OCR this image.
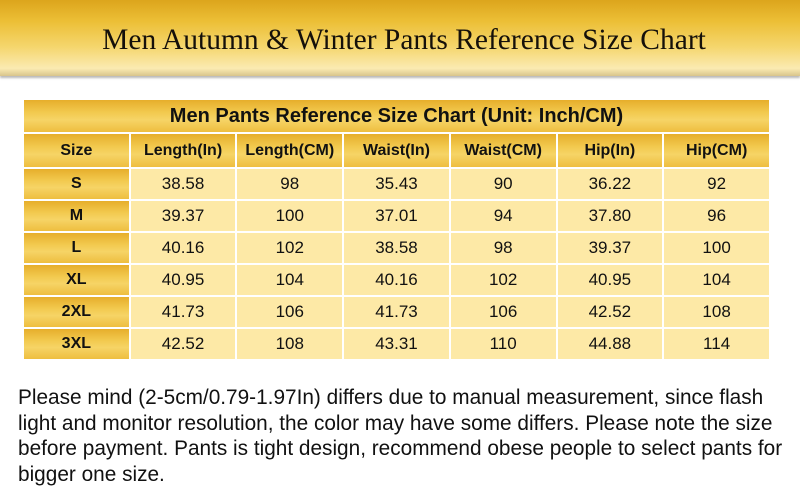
Men Autumn & Winter Pants Reference Size Chart
Men Pants Reference Size Chart (Unit: Inch/CM)						
Size	Length(In)	Length(CM)	Waist(In)	Waist(CM)	Hip(In)	Hip(CM)
S	38.58	98	35.43	90	36.22	92
M	39.37	100	37.01	94	37.80	96
L	40.16	102	38.58	98	39.37	100
XL	40.95	104	40.16	102	40.95	104
2XL	41.73	106	41.73	106	42.52	108
3XL	42.52	108	43.31	110	44.88	114

Please mind (2-5cm/0.79-1.97In) differs due to manual measurement, since flash light and monitor resolution, the color may have some differs. Please note the size before payment. Pants is tight design, recommend obese people to select pants for bigger one size.
